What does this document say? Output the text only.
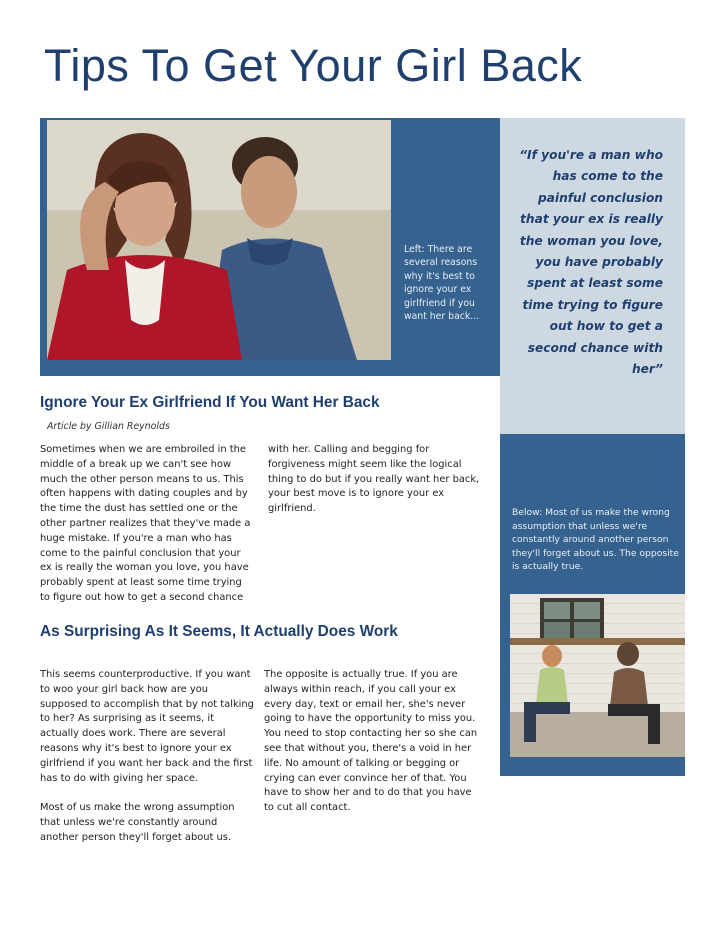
Tips To Get Your Girl Back
Left: There are several reasons why it's best to ignore your ex girlfriend if you want her back...
“If you're a man who has come to the painful conclusion that your ex is really the woman you love, you have probably spent at least some time trying to figure out how to get a second chance with her”
Below: Most of us make the wrong assumption that unless we're constantly around another person they'll forget about us. The opposite is actually true.
Ignore Your Ex Girlfriend If You Want Her Back
Article by Gillian Reynolds
Sometimes when we are embroiled in the middle of a break up we can't see how much the other person means to us. This often happens with dating couples and by the time the dust has settled one or the other partner realizes that they've made a huge mistake. If you're a man who has come to the painful conclusion that your ex is really the woman you love, you have probably spent at least some time trying to figure out how to get a second chance
with her. Calling and begging for forgiveness might seem like the logical thing to do but if you really want her back, your best move is to ignore your ex girlfriend.
As Surprising As It Seems, It Actually Does Work

This seems counterproductive. If you want to woo your girl back how are you supposed to accomplish that by not talking to her? As surprising as it seems, it actually does work. There are several reasons why it's best to ignore your ex girlfriend if you want her back and the first has to do with giving her space.

Most of us make the wrong assumption that unless we're constantly around another person they'll forget about us.

The opposite is actually true. If you are always within reach, if you call your ex every day, text or email her, she's never going to have the opportunity to miss you. You need to stop contacting her so she can see that without you, there's a void in her life. No amount of talking or begging or crying can ever convince her of that. You have to show her and to do that you have to cut all contact.
